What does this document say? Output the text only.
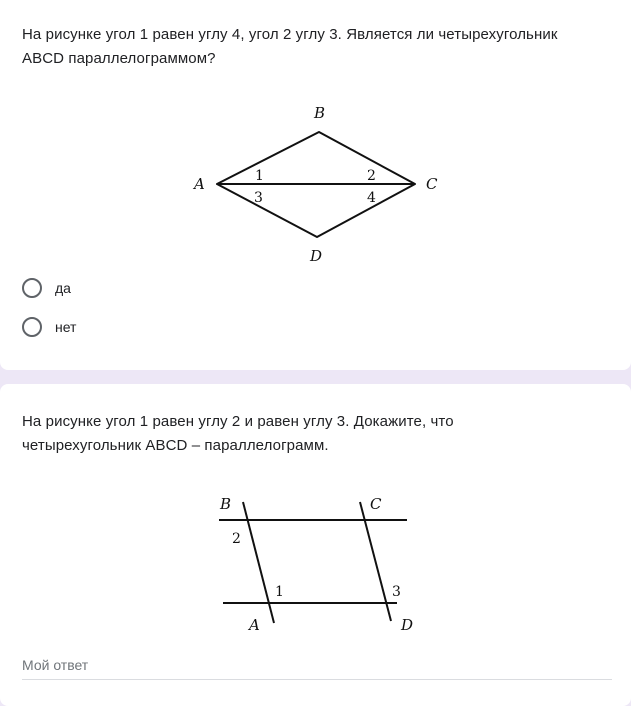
На рисунке угол 1 равен углу 4, угол 2 углу 3. Является ли четырехугольник
ABCD параллелограммом?

B
A	C
D
1
3
2
4
да
нет

На рисунке угол 1 равен углу 2 и равен углу 3. Докажите, что
четырехугольник ABCD – параллелограмм.

B	C
A	D
2
1	3
Мой ответ
